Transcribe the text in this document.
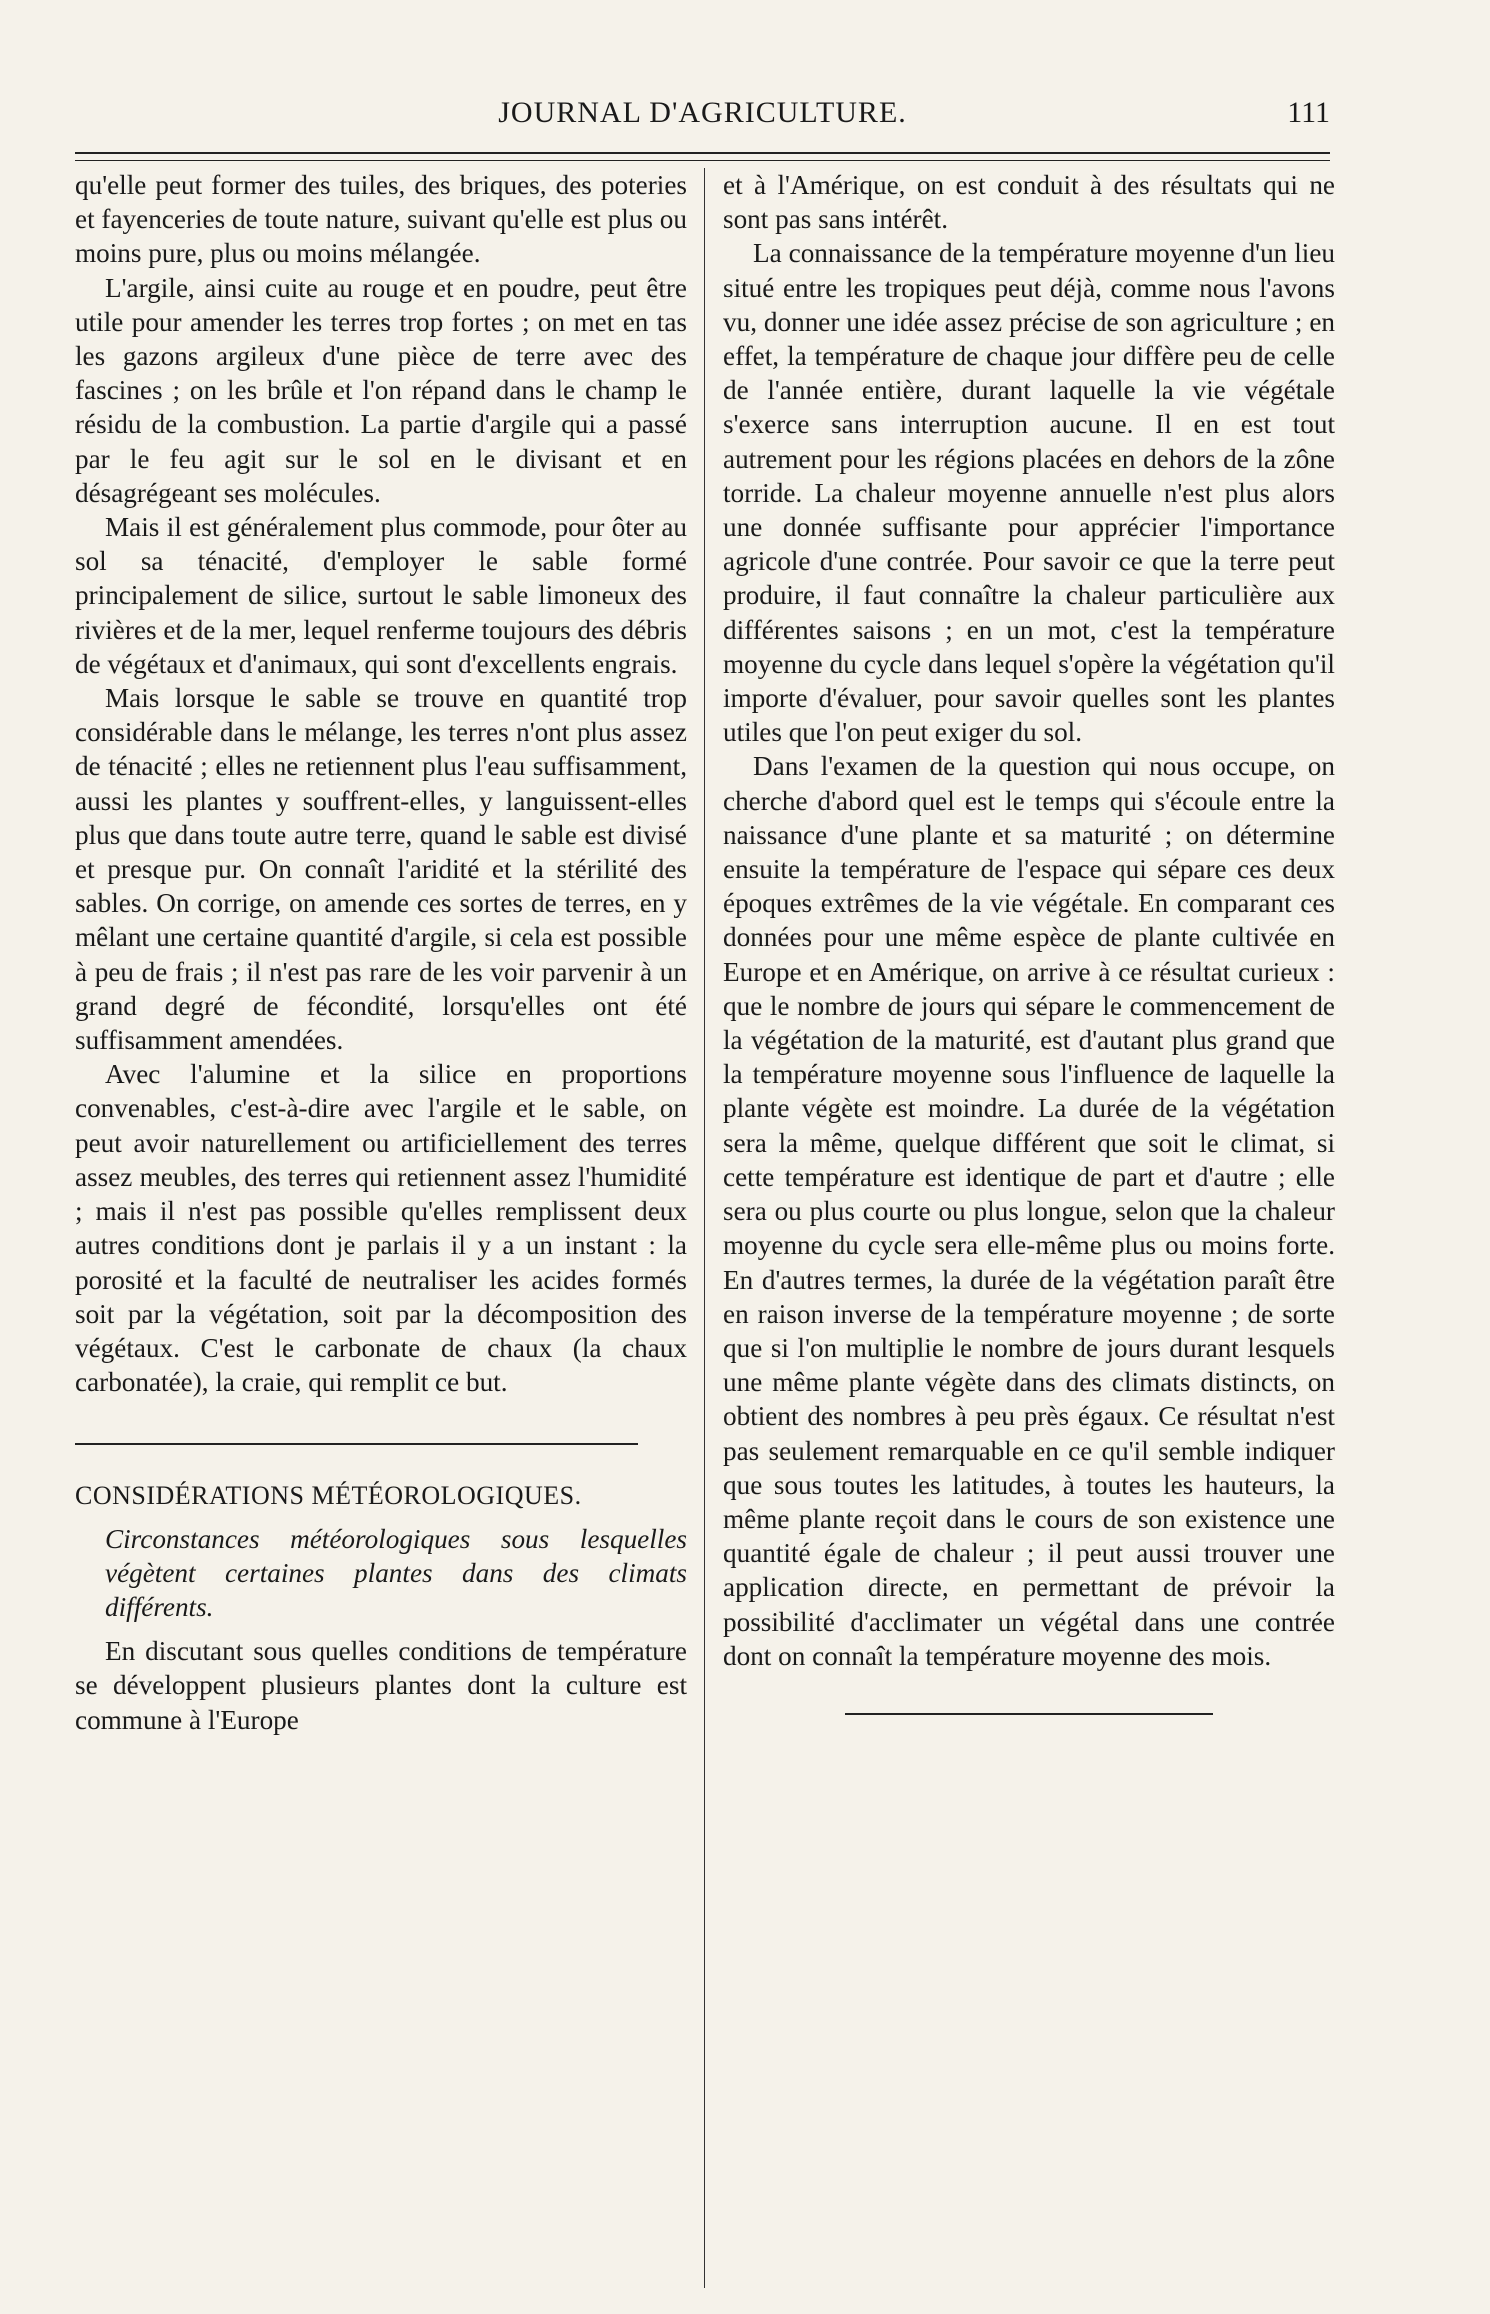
JOURNAL D'AGRICULTURE.	111

qu'elle peut former des tuiles, des briques, des poteries et fayenceries de toute nature, suivant qu'elle est plus ou moins pure, plus ou moins mélangée.

L'argile, ainsi cuite au rouge et en poudre, peut être utile pour amender les terres trop fortes ; on met en tas les gazons argileux d'une pièce de terre avec des fascines ; on les brûle et l'on répand dans le champ le résidu de la combustion. La partie d'argile qui a passé par le feu agit sur le sol en le divisant et en désagrégeant ses molécules.

Mais il est généralement plus commode, pour ôter au sol sa ténacité, d'employer le sable formé principalement de silice, surtout le sable limoneux des rivières et de la mer, lequel renferme toujours des débris de végétaux et d'animaux, qui sont d'excellents engrais.

Mais lorsque le sable se trouve en quantité trop considérable dans le mélange, les terres n'ont plus assez de ténacité ; elles ne retiennent plus l'eau suffisamment, aussi les plantes y souffrent-elles, y languissent-elles plus que dans toute autre terre, quand le sable est divisé et presque pur. On connaît l'aridité et la stérilité des sables. On corrige, on amende ces sortes de terres, en y mêlant une certaine quantité d'argile, si cela est possible à peu de frais ; il n'est pas rare de les voir parvenir à un grand degré de fécondité, lorsqu'elles ont été suffisamment amendées.

Avec l'alumine et la silice en proportions convenables, c'est-à-dire avec l'argile et le sable, on peut avoir naturellement ou artificiellement des terres assez meubles, des terres qui retiennent assez l'humidité ; mais il n'est pas possible qu'elles remplissent deux autres conditions dont je parlais il y a un instant : la porosité et la faculté de neutraliser les acides formés soit par la végétation, soit par la décomposition des végétaux. C'est le carbonate de chaux (la chaux carbonatée), la craie, qui remplit ce but.

CONSIDÉRATIONS MÉTÉOROLOGIQUES.

Circonstances météorologiques sous lesquelles végètent certaines plantes dans des climats différents.

En discutant sous quelles conditions de température se développent plusieurs plantes dont la culture est commune à l'Europe

et à l'Amérique, on est conduit à des résultats qui ne sont pas sans intérêt.

La connaissance de la température moyenne d'un lieu situé entre les tropiques peut déjà, comme nous l'avons vu, donner une idée assez précise de son agriculture ; en effet, la température de chaque jour diffère peu de celle de l'année entière, durant laquelle la vie végétale s'exerce sans interruption aucune. Il en est tout autrement pour les régions placées en dehors de la zône torride. La chaleur moyenne annuelle n'est plus alors une donnée suffisante pour apprécier l'importance agricole d'une contrée. Pour savoir ce que la terre peut produire, il faut connaître la chaleur particulière aux différentes saisons ; en un mot, c'est la température moyenne du cycle dans lequel s'opère la végétation qu'il importe d'évaluer, pour savoir quelles sont les plantes utiles que l'on peut exiger du sol.

Dans l'examen de la question qui nous occupe, on cherche d'abord quel est le temps qui s'écoule entre la naissance d'une plante et sa maturité ; on détermine ensuite la température de l'espace qui sépare ces deux époques extrêmes de la vie végétale. En comparant ces données pour une même espèce de plante cultivée en Europe et en Amérique, on arrive à ce résultat curieux : que le nombre de jours qui sépare le commencement de la végétation de la maturité, est d'autant plus grand que la température moyenne sous l'influence de laquelle la plante végète est moindre. La durée de la végétation sera la même, quelque différent que soit le climat, si cette température est identique de part et d'autre ; elle sera ou plus courte ou plus longue, selon que la chaleur moyenne du cycle sera elle-même plus ou moins forte. En d'autres termes, la durée de la végétation paraît être en raison inverse de la température moyenne ; de sorte que si l'on multiplie le nombre de jours durant lesquels une même plante végète dans des climats distincts, on obtient des nombres à peu près égaux. Ce résultat n'est pas seulement remarquable en ce qu'il semble indiquer que sous toutes les latitudes, à toutes les hauteurs, la même plante reçoit dans le cours de son existence une quantité égale de chaleur ; il peut aussi trouver une application directe, en permettant de prévoir la possibilité d'acclimater un végétal dans une contrée dont on connaît la température moyenne des mois.
